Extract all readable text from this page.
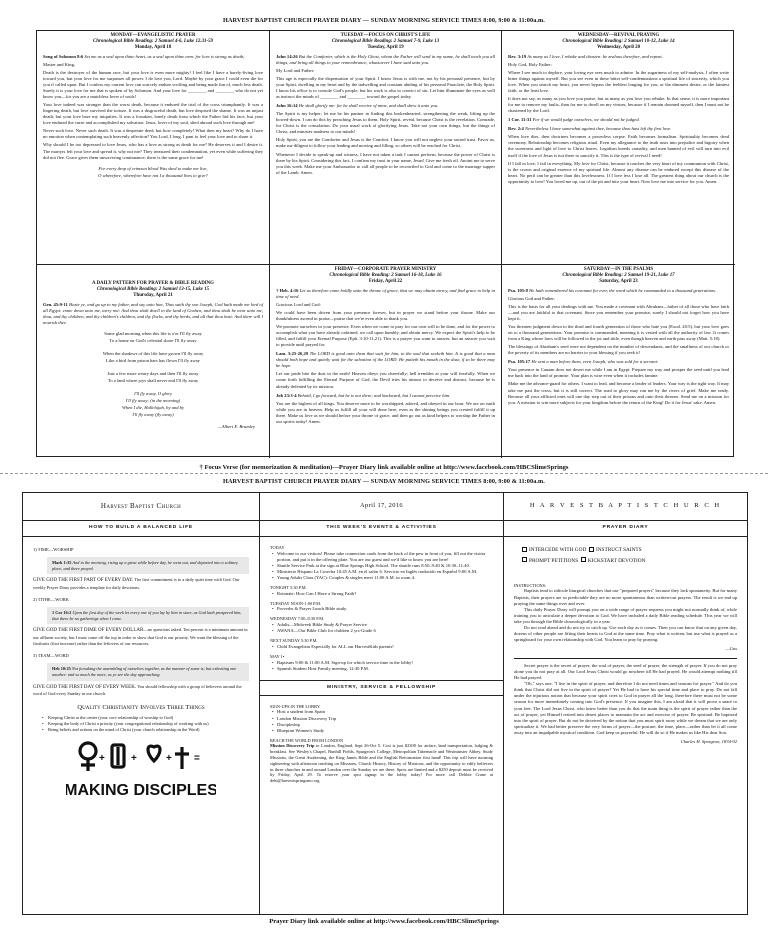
HARVEST BAPTIST CHURCH PRAYER DIARY — SUNDAY MORNING SERVICE TIMES 8:00, 9:00 & 11:00a.m.
MONDAY—EVANGELISTIC PRAYER
Chronological Bible Reading: 2 Samuel 4-6, Luke 12.31-59
Monday, April 18
Song of Solomon 8:6 Set me as a seal upon thine heart, as a seal upon thine arm: for love is strong as death;

Master and King,

Death is the destroyer of the human race, but your love is even more mighty! I feel like I have a barely-living love toward you, but your love for me surpasses all power. I do love you, Lord. Maybe by your grace I could even die for you if called upon. But I confess my current love can scarcely endure scoffing and being made fun of, much less death. Surely it is your love for me that is spoken of by Solomon. And your love for ________ and ________ who do not yet know you—for you are a matchless lover of souls!

Your love indeed was stronger than the worst death, because it endured the trial of the cross triumphantly. It was a lingering death, but love survived the torture. It was a disgraceful death, but love despised the shame. It was an unjust death, but your love bore my iniquities. It was a forsaken, lonely death from which the Father hid his face, but your love endured the curse and accomplished my salvation. Jesus, lover of my soul, shed abroad such love through me!

Never such love. Never such death. It was a desperate deed, but how completely! What then my heart? Why do I have no emotion when contemplating such heavenly affection? You Lord, I long, I pant to feel your love and to share it.

Why should I be too depressed to love Jesus, who has a love as strong as death for me? He deserves it and I desire it. The martyrs felt your love and spread it, why not me? They treasured their condemnation, yet even while suffering they did not flee. Grace gives them unwavering continuance; there is the same grace for me!

For every drop of crimson blood Was shed to make me live,
O wherefore, wherefore have not I a thousand lives to give?
TUESDAY—FOCUS ON CHRIST'S LIFE
Chronological Bible Reading: 2 Samuel 7-9, Luke 13
Tuesday, April 19
John 14:26 But the Comforter, which is the Holy Ghost, whom the Father will send in my name, he shall teach you all things, and bring all things to your remembrance, whatsoever I have said unto you.

My Lord and Father:

This age is especially the dispensation of your Spirit. I know Jesus is with me, not by his personal presence, but by your Spirit, dwelling in my heart and by the indwelling and constant abiding of his personal Paraclete, the Holy Spirit. I know his office is to console God's people, but his work is also to convict of sin. Let him illuminate the eyes as well as instruct the minds of ________ and ________ toward the gospel today.

John 16:14 He shall glorify me: for he shall receive of mine, and shall shew it unto you.

The Spirit is my helper; let me be his partner in finding this brokenhearted, strengthening the weak, lifting up the bowed-down. I can do this by preaching Jesus to them. Holy Spirit, reveal, because Christ is the revelation. Comrade, for Christ is the consolation. Do your usual work of glorifying Jesus. Take not your own things, but the things of Christ, and minister madness to our minds!

Holy Spirit, you are the Comforter and Jesus is the Comfort. I know you will not neglect your sacred trust. Favor us, make me diligent to follow your leading and moving and filling, so others will be reached for Christ.

Whenever I decide to speak-up and witness, I have not taken a task I cannot perform, because the power of Christ is there by his Spirit. Considering this fact, I confirm my trust in your name, Jesus! Give me fresh oil. Anoint me to serve you this week. Make me your Ambassador to call all people to be reconciled to God and come to the marriage supper of the Lamb. Amen.

WEDNESDAY—REVIVAL PRAYING
Chronological Bible Reading: 2 Samuel 10-12, Luke 14
Wednesday, April 20
Rev. 3:19 As many as I love, I rebuke and chasten: be zealous therefore, and repent.

Holy God, Holy Father:

Where I see much to deplore, your loving eye sees much to admire. In the sugariness of my self-analysis, I often write bitter things against myself. But you see even in these bitter self-condemnations a spiritual life of sincerity, which you love. When you search my heart, you never bypass the feeblest longing for you, or the dimmest desire, or the faintest faith, or the least love.

It does not say, as many as you love you praise, but as many as you love you rebuke. In that sense, it is more important for me to remove my faults, than for me to dwell on my virtues, because if I remain doomed myself, then I must not be chastened by the Lord.

1 Cor. 11:31 For if we would judge ourselves, we should not be judged.
Rev. 2:4 Nevertheless I have somewhat against thee, because thou hast left thy first love.

When love dies, then doctrines becomes a powerless corpse. Faith becomes formalism. Spirituality becomes dead ceremony. Relationship becomes religious ritual. Even my allegiance to the truth rusts into prejudice and bigotry when the sweetness and light of love to Christ leaves. Legalism breeds carnality, and men banned of evil will turn into evil itself if the love of Jesus is not there to sanctify it. This is the type of revival I need!

If I fall in love, I fail in everything. My love for Christ, because it touches the very heart of my communion with Christ, is the crown and original essence of my spiritual life. Almost any disease can be endured except this disease of the heart. No peril can be greater than this lovelessness. If I love less I lose all. The greatest thing about our church is the opportunity to love! You loved me up, out of the pit and into your heart. Now love me into service for you. Amen.

A DAILY PATTERN FOR PRAYER & BIBLE READING
Chronological Bible Reading: 2 Samuel 13-15, Luke 15
Thursday, April 21
Gen. 45:9-11 Haste ye, and go up to my father, and say unto him, Thus saith thy son Joseph, God hath made me lord of all Egypt: come down unto me, tarry not: And thou shalt dwell in the land of Goshen, and thou shalt be near unto me, thou, and thy children, and thy children's children, and thy flocks, and thy herds, and all that thou hast: And there will I nourish thee.
Some glad morning when this life is o'er I'll fly away
To a home on God's celestial shore I'll fly away
When the shadows of this life have grown I'll fly away
Like a bird from prison bars has flown I'll fly away
Just a few more weary days and then I'll fly away
To a land where joys shall never end I'll fly away
I'll fly away, O glory
I'll fly away; (in the morning)
When I die, Hallelujah, by and by
I'll fly away (fly away)
—Albert E. Brumley
FRIDAY—CORPORATE PRAYER MINISTRY
Chronological Bible Reading: 2 Samuel 16-18, Luke 16
Friday, April 22
† Heb. 4:16 Let us therefore come boldly unto the throne of grace, that we may obtain mercy, and find grace to help in time of need.

Gracious Lord and God:

We could have been driven from your presence forever, but in prayer we stand before your throne. Make our thankfulness ascend in praise—praise that we're even able to thank you.

We promote ourselves in your presence. Even when we come to pray for our own will to be done, and for the power to accomplish what you have already ordained, we call upon humbly, and obtain mercy. We expect the Spirit's help to be filled, and fulfill your Eternal Purpose (Eph. 3:10-11,21). This is a prayer you want to answer, but an answer you wait to provide until prayed for.

Lam. 3:25-26,29 The LORD is good unto them that wait for him, to the soul that seeketh him. It is good that a man should both hope and quietly wait for the salvation of the LORD. He putteth his mouth in the dust; if so be there may be hope.

Let our pride bite the dust in the earth! Heaven obeys you cheerfully; hell trembles at your will fearfully. When we come forth fulfilling the Eternal Purpose of God, the Devil tries his utmost to deceive and distract, because he is already defeated by its mission.

Job 23:3-4 Behold, I go forward, but he is not there; and backward, but I cannot perceive him.

You are the highest of all kings. You deserve more to be worshipped, adored, and obeyed in our hour. We are on earth while you are in heaven. Help us fulfill all your will done here, even as the shining beings you created fulfill it up there. Make us love as we should before your throne of grace, and then go out as kind helpers to worship the Father in our spirits today! Amen.

SATURDAY—IN THE PSALMS
Chronological Bible Reading: 2 Samuel 19-21, Luke 17
Saturday, April 23
Psa. 105:8 He hath remembered his covenant for ever, the word which he commanded to a thousand generations.

Glorious God and Father:

This is the basis for all your dealings with me. You made a covenant with Abraham—father of all those who have faith—and you are faithful to that covenant. Since you remember your promise, surely I should not forget how you have kept it.

You threaten judgment down to the third and fourth generation of those who hate you (Exod. 20:5), but your love goes on to a thousand generations. Your promise is commanded, meaning it is vested with all the authority of law. It comes from a King whose laws will be followed to the jot and tittle, even though heaven and earth pass away (Matt. 5:18).

The blessings of Abraham's seed were not dependent on the number of descendants, and the smallness of our church or the poverty of its members are no barrier to your blessing if you seek it!

Psa. 105:17 He sent a man before them, even Joseph, who was sold for a servant:

Your presence in Canaan does not desert me while I am in Egypt. Prepare my way and prosper the seed until you lead me back into the land of promise. Your plan is wise even when it includes famine.

Make me the advance-guard for others. I want to lead, and become a leader of leaders. Your way is the right way. It may take me past the cross, but it is still correct. The road to glory may run me by the rivers of grief. Make me ready. Because all your afflicted ones will one day step out of their prisons and onto their thrones. Send me on a mission for you. A mission to win more subjects for your kingdom before the return of the King! Do it for Jesus' sake. Amen.

† Focus Verse (for memorization & meditation)—Prayer Diary link available online at http://www.facebook.com/HBCSlimeSprings
HARVEST BAPTIST CHURCH PRAYER DIARY — SUNDAY MORNING SERVICE TIMES 8:00, 9:00 & 11:00a.m.
Harvest Baptist Church
HOW TO BUILD A BALANCED LIFE
1) TIME—WORSHIP
Mark 1:35 And in the morning, rising up a great while before day, he went out, and departed into a solitary place, and there prayed.
GIVE GOD THE FIRST PART OF EVERY DAY. The first commitment is to a daily quiet time with God. Our weekly Prayer Diary provides a template for daily devotions.
2) TITHE—WORK
1 Cor 16:2 Upon the first day of the week let every one of you lay by him in store, as God hath prospered him, that there be no gatherings when I come.
GIVE GOD THE FIRST DIME OF EVERY DOLLAR—no questions asked. Ten percent is a minimum amount in our affluent society, but I must come off the top in order to show that God is our priority. We want the blessing of the firstfruits (first increase) rather than the leftovers of our resources.
3) TEAM—WORD
Heb 10:25 Not forsaking the assembling of ourselves together, as the manner of some is; but exhorting one another: and so much the more, as ye see the day approaching.
GIVE GOD THE FIRST DAY OF EVERY WEEK. You should fellowship with a group of believers around the word of God every Sunday in our church.
Quality Christianity Involves Three Things
• Keeping Christ at the center (your core relationship of worship to God)
• Keeping the body of Christ a priority (your congregational relationship of working with us)
• Being beliefs and actions on the mind of Christ (your church relationship in the Word)
+	+	+ =
MAKING DISCIPLES
April 17, 2016
THIS WEEK'S EVENTS & ACTIVITIES
TODAY
• Welcome to our visitors! Please take connection cards from the back of the pew in front of you, fill out the visitor portion, and put it in the offering plate. You are our guest and we'd like to know you are here!
• Shuttle Service Park at the sign at Blue Springs High School. The shuttle runs 8:50–9:40 & 10:30–11:40.
• Ministerio Hispano La Cosecha 10:45 A.M. en el salón 6. Servicio en Inglés traducido en Español 9:00 A.M.
• Young Adults Class (YAC): Couples & singles meet 11:00 A.M. in room 4.
TONIGHT 5:30 P.M.
• Rotonate: How Can I Have a Strong Faith?
TUESDAY NOON-1:00 P.M.
• Proverbs & Prayer Lunch Bible study.
WEDNESDAY 7:00–8:30 P.M.
• Adults—Midweek Bible Study & Prayer Service
• AWANA—Our Bible Club for children 2 yrs-Grade 6
NEXT SUNDAY 5:30 P.M.
• Child Evangelism Especially for ALL our HarvestKids parents!
MAY 1•
• Baptisms 9:00 & 11:00 A.M. Sign-up for which service time in the lobby!
• Spanish Student Host Family meeting, 12:30 P.M.
MINISTRY, SERVICE & FELLOWSHIP
SIGN-UPS IN THE LOBBY.
• Host a student from Spain
• London Mission Discovery Trip
• Discipleship
• Blueprint Women's Study
REACH THE WORLD FROM LONDON
Mission Discovery Trip to London, England, Sept 26-Oct 5. Cost is just $2300 for airfare, land transportation, lodging & breakfast. See Wesley's Chapel, Bunhill Fields, Spurgeon's College, Metropolitan Tabernacle and Westminster Abbey. Study Missions, the Great Awakening, the King James Bible and the English Reformation first hand! This trip will have morning sightseeing with afternoon teaching on Missions, Church History, History of Missions, and the opportunity to edify believers in three churches in and around London over the Sunday we are there. Spots are limited and a $250 deposit must be received by Friday, April 29. To reserve your spot signup in the lobby today! For more call Debbie Crane at debi@harvestspringsmo.org
H A R V E S T B A P T I S T C H U R C H
PRAYER DIARY
INTERCEDE WITH GOD INSTRUCT SAINTS
PROMPT PETITIONS KICKSTART DEVOTION
INSTRUCTIONS:

Baptists tend to ridicule liturgical churches that use "prepared prayers" because they lack spontaneity. But for many Baptists, their prayers are so predictable they are no more spontaneous than written-out prayers. The result is we end up praying the same things over and over.

This daily Prayer Diary will prompt you on a wide range of prayer requests you might not normally think of, while training you to articulate a deeper devotion to God. We have included a daily Bible reading schedule. This year we will take you through the Bible chronologically in a year.

Do not read ahead and do not try to catch up. Use each day as it comes. Then you can know that on any given day, dozens of other people are lifting their hearts to God at the same time. Pray what is written, but use what is prayed as a springboard for your own relationship with God. You learn to pray by praying.

—Gus

Secret prayer is the secret of prayer, the soul of prayer, the seed of prayer, the strength of prayer. If you do not pray alone you do not pray at all. Our Lord Jesus Christ would go nowhere till He had prayed. He would attempt nothing till He had prayed.

"Oh," says one, "I live in the spirit of prayer, and therefore I do not need times and seasons for prayer." And do you think that Christ did not live in the spirit of prayer? Yet He had to have his special time and place to pray. Do not fall under the injurious notion that because your spirit cries to God in prayer all the long, therefore there must not be some season for more immediately coming into God's presence. If you imagine this, I am afraid that it will prove a snare to your feet. The Lord Jesus Christ, who knew better than you do that the main thing is the spirit of prayer rather than the act of prayer, yet Himself retired into desert places to maintain the act and exercise of prayer. Be spiritual. Be baptized into the spirit of prayer. But do not be deceived by the notion that you must spirit away while we dream that we are only spiritualize it. We had better preserve the very forms of prayer—the posture, the time, place—rather than let it all come away into an impalpable mystical condition. God keep us prayerful. He will do so if He makes us like His dear Son.

Charles H. Spurgeon, 1834-92
Prayer Diary link available online at http://www.facebook.com/HBCSlimeSprings
